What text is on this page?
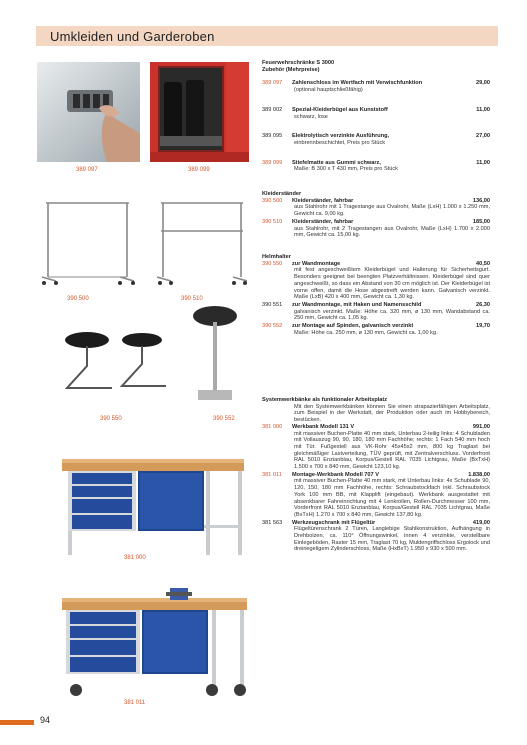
Umkleiden und Garderoben
389 097	389 099
390 500	390 510
390 550	390 552
381 000
381 011
Feuerwehrschränke S 3000
Zubehör (Mehrpreise)
389 097	Zahlenschloss im Wertfach mit Verwischfunktion	29,00
(optional hauptschließfähig)
389 002	Spezial-Kleiderbügel aus Kunststoff	11,00
schwarz, lose
389 095	Elektrolytisch verzinkte Ausführung,	27,00
einbrennbeschichtet, Preis pro Stück
389 099	Stiefelmatte aus Gummi schwarz,	11,00
Maße: B 300 x T 430 mm, Preis pro Stück
Kleiderständer
390 500	Kleiderständer, fahrbar	136,00
aus Stahlrohr mit 1 Tragestange aus Ovalrohr, Maße (LxH) 1.000 x 1.250 mm, Gewicht ca. 9,00 kg.
390 510	Kleiderständer, fahrbar	185,00
aus Stahlrohr, mit 2 Tragestangen aus Ovalrohr, Maße (LxH) 1.700 x 2.000 mm, Gewicht ca. 15,00 kg.
Helmhalter
390 550	zur Wandmontage	40,50
mit fest angeschweißtem Kleiderbügel und Halterung für Sicherheitsgurt. Besonders geeignet bei beengten Platzverhältnissen. Kleiderbügel sind quer angeschweißt, so dass ein Abstand von 30 cm möglich ist. Der Kleiderbügel ist vorne offen, damit die Hose abgestreift werden kann. Galvanisch verzinkt. Maße (LxB) 420 x 400 mm, Gewicht ca. 1,30 kg.
390 551	zur Wandmontage, mit Haken und Namensschild	26,30
galvanisch verzinkt. Maße: Höhe ca. 320 mm, ø 130 mm, Wandabstand ca. 250 mm, Gewicht ca. 1,05 kg.
390 552	zur Montage auf Spinden, galvanisch verzinkt	19,70
Maße: Höhe ca. 250 mm, ø 130 mm, Gewicht ca. 1,00 kg.
Systemwerkbänke als funktionaler Arbeitsplatz
Mit den Systemwerkbänken können Sie einen strapazierfähigen Arbeitsplatz, zum Beispiel in der Werkstatt, der Produktion oder auch im Hobbybereich, bestücken.
381 000	Werkbank Modell 131 V	991,00
mit massiver Buchen-Platte 40 mm stark, Unterbau 2-teilig links: 4 Schubladen mit Vollauszug 90, 90, 180, 180 mm Fachhöhe; rechts: 1 Fach 540 mm hoch mit Tür. Fußgestell aus VK-Rohr 45x45x2 mm, 800 kg Traglast bei gleichmäßiger Lastverteilung, TÜV geprüft, mit Zentralverschluss. Vorderfront RAL 5010 Enzianblau, Korpus/Gestell RAL 7035 Lichtgrau, Maße (BxTxH) 1.500 x 700 x 840 mm, Gewicht 123,10 kg.
381 011	Montage-Werkbank Modell 707 V	1.838,00
mit massiver Buchen-Platte 40 mm stark, mit Unterbau links: 4x Schublade 90, 120, 150, 180 mm Fachhöhe, rechts: Schraubstockfach inkl. Schraubstock York 100 mm BB, mit Klapplift (eingebaut). Werkbank ausgestattet mit absenkbarer Fahreinrichtung mit 4 Lenkrollen, Rollen-Durchmesser 100 mm, Vorderfront RAL 5010 Enzianblau, Korpus/Gestell RAL 7035 Lichtgrau, Maße (BxTxH) 1.270 x 700 x 840 mm, Gewicht 137,80 kg.
381 563	Werkzeugschrank mit Flügeltür	419,00
Flügeltürenschrank 2 Türen, Langlebige Stahlkonstruktion, Aufhängung in Drehbolzen, ca. 110° Öffnungswinkel, innen 4 verzinkte, verstellbare Einlegeböden, Raster 15 mm, Traglast 70 kg, Muldengriffschloss Ergolock und dreiriegeligem Zylinderschloss, Maße (HxBxT) 1.950 x 930 x 500 mm.
94
